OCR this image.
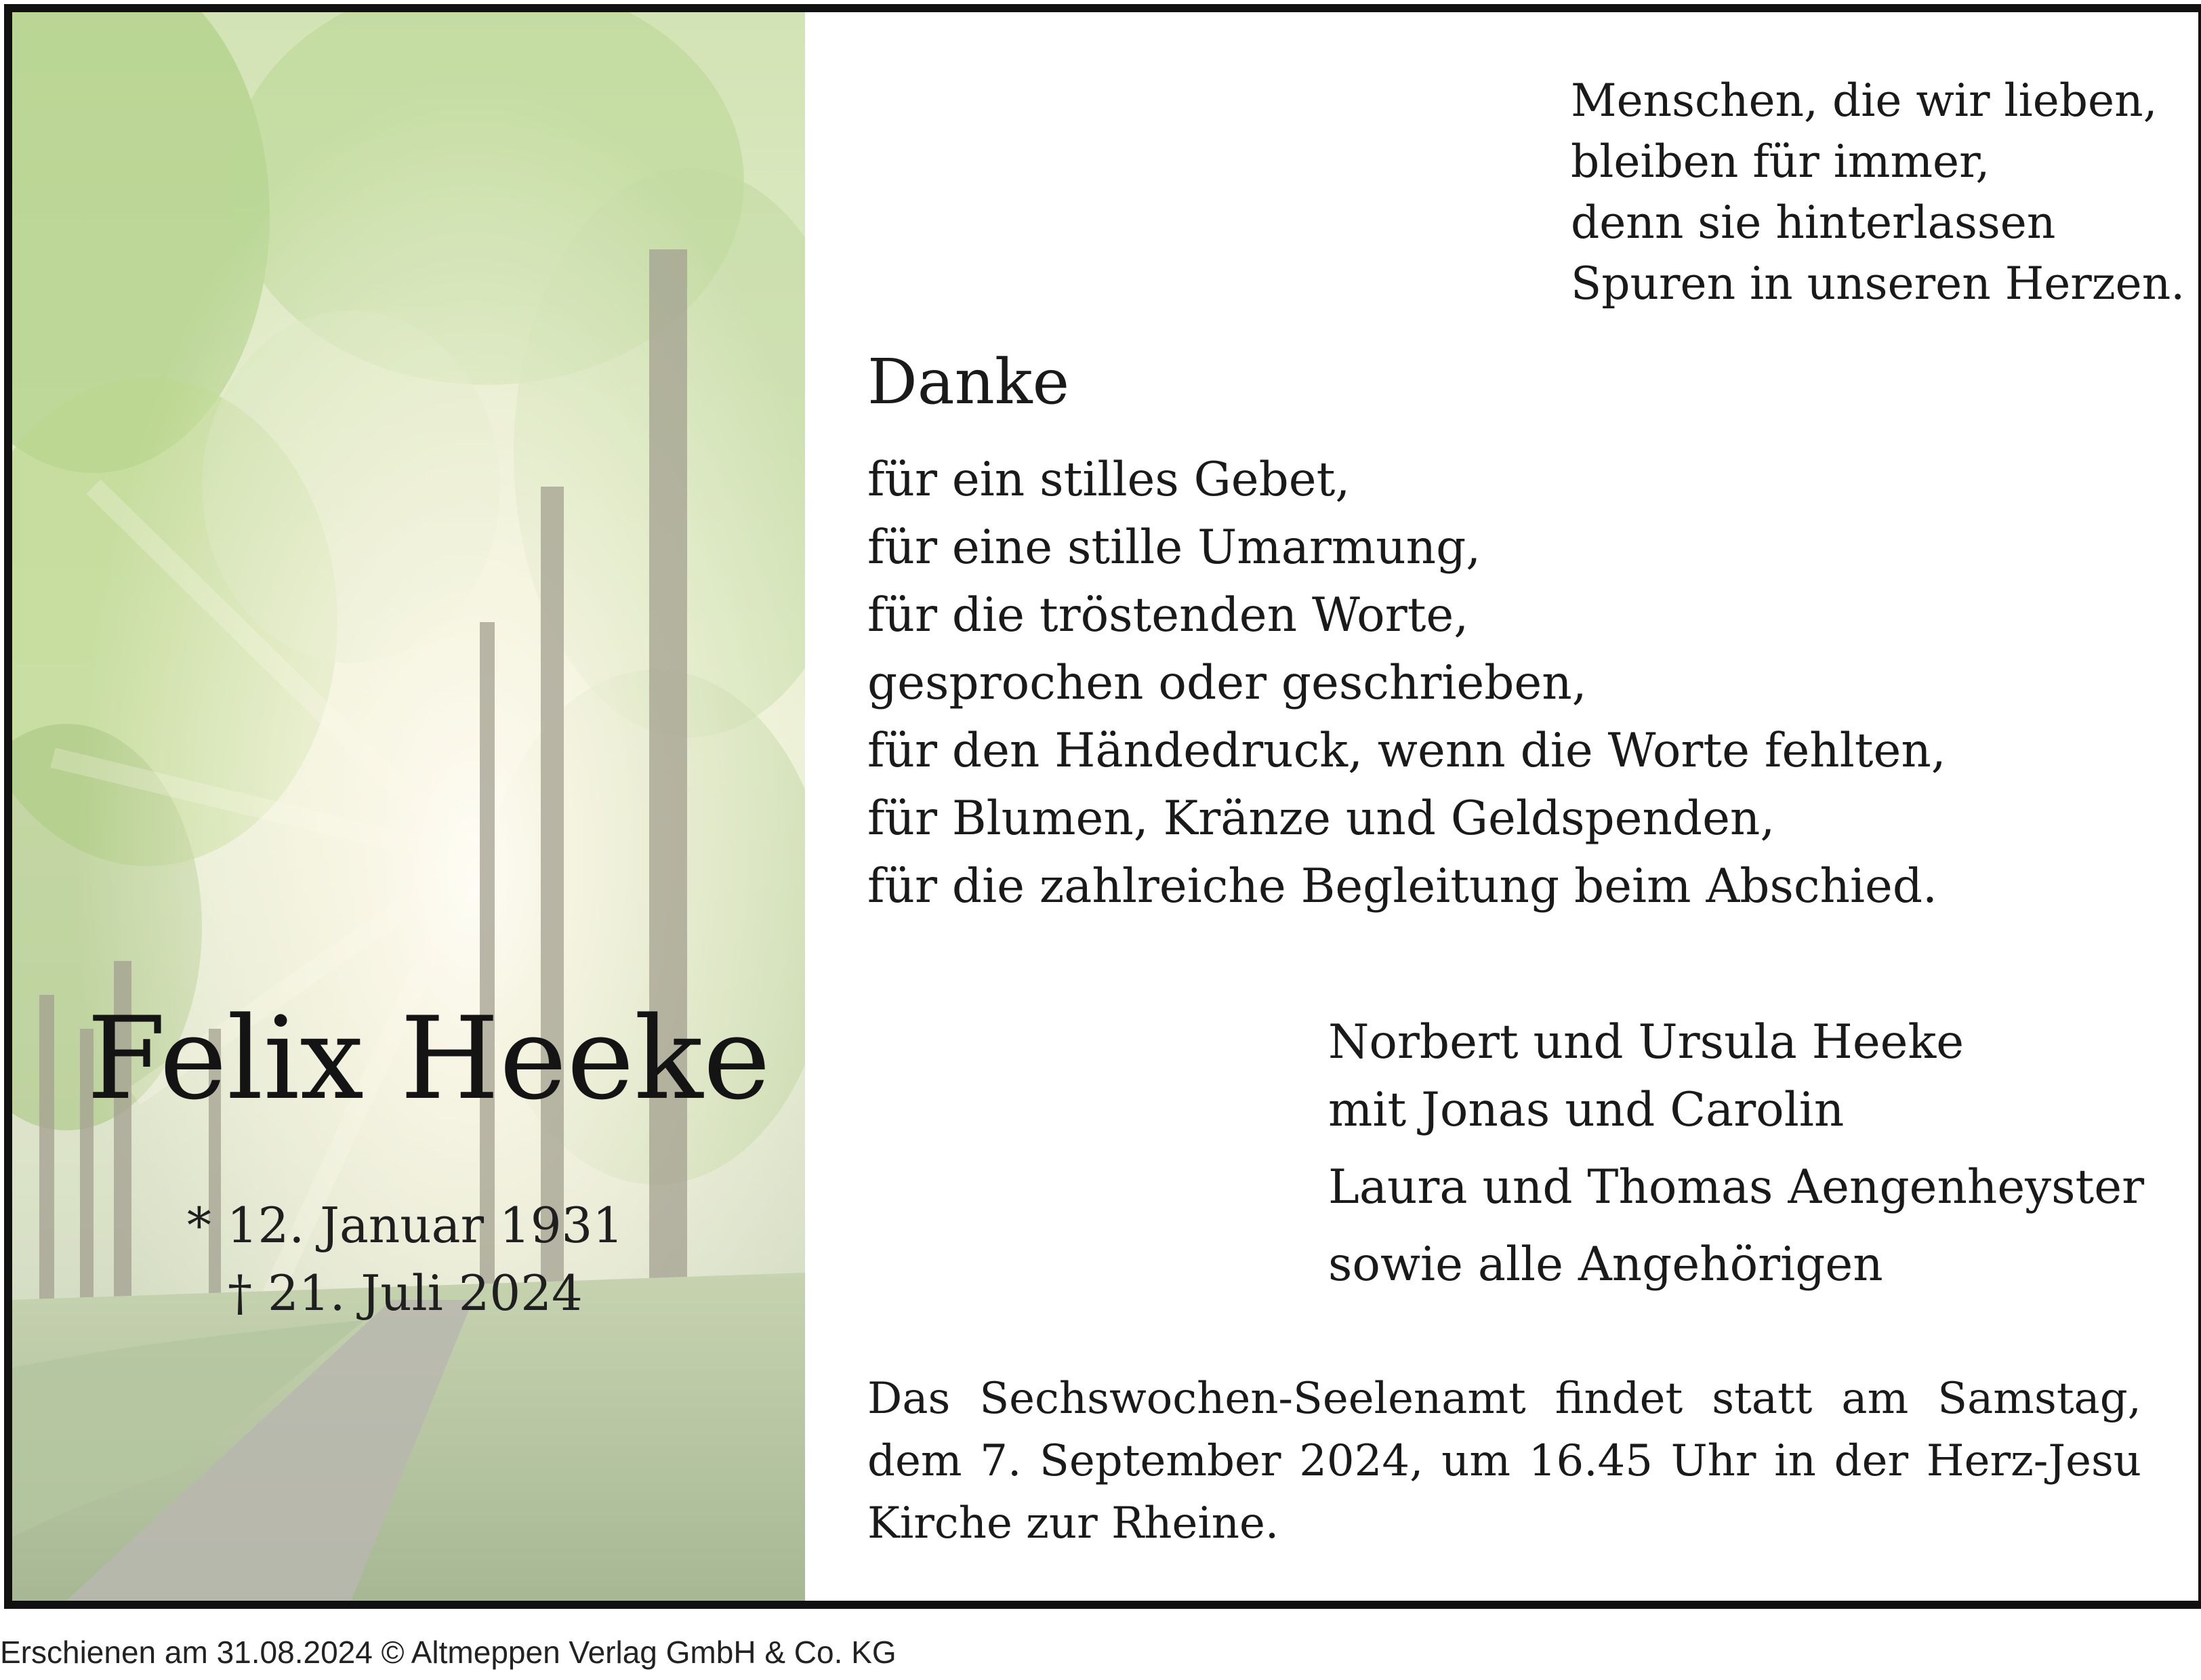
Felix Heeke
* 12. Januar 1931
† 21. Juli 2024
Menschen, die wir lieben,
bleiben für immer,
denn sie hinterlassen
Spuren in unseren Herzen.
Danke
für ein stilles Gebet,
für eine stille Umarmung,
für die tröstenden Worte,
gesprochen oder geschrieben,
für den Händedruck, wenn die Worte fehlten,
für Blumen, Kränze und Geldspenden,
für die zahlreiche Begleitung beim Abschied.
Norbert und Ursula Heeke
mit Jonas und Carolin
Laura und Thomas Aengenheyster
sowie alle Angehörigen
Das Sechswochen-Seelenamt findet statt am Samstag, dem 7. September 2024, um 16.45 Uhr in der Herz-Jesu Kirche zur Rheine.
Erschienen am 31.08.2024 © Altmeppen Verlag GmbH & Co. KG
